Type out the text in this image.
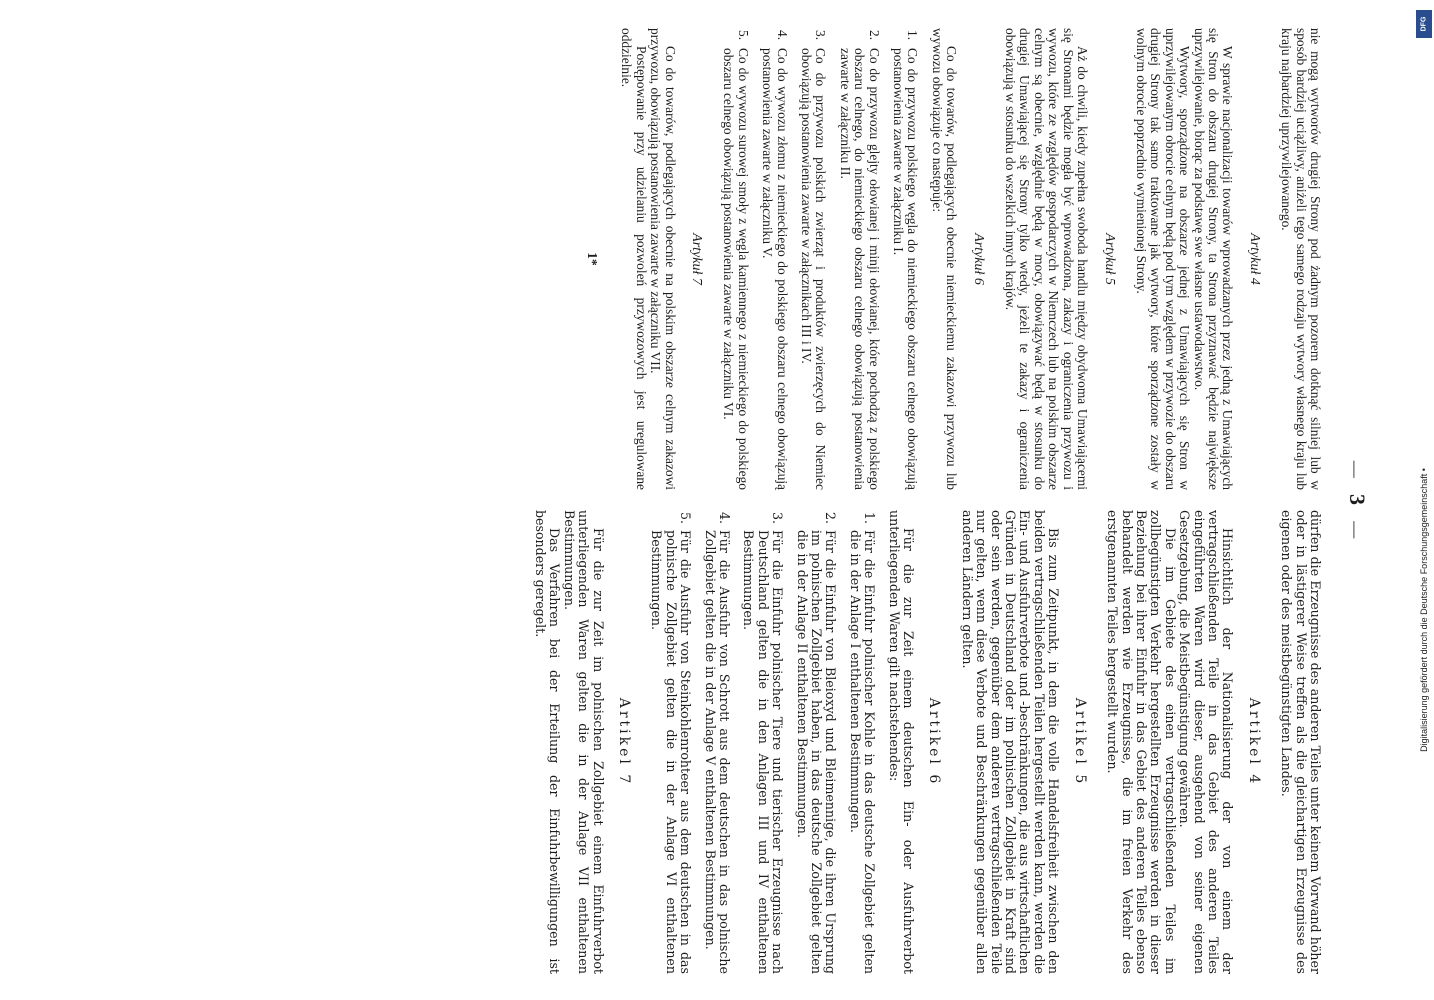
— 3 —

nie mogą wytworów drugiej Strony pod żadnym pozorem dotknąć silniej lub w sposób bardziej uciążliwy, aniżeli tego samego rodzaju wytwory własnego kraju lub kraju najbardziej uprzywilejowanego.

Artykuł 4

W sprawie nacjonalizacji towarów wprowadzanych przez jedną z Umawiających się Stron do obszaru drugiej Strony, ta Strona przyznawać będzie największe uprzywilejowanie, biorąc za podstawę swe własne ustawodawstwo.

Wytwory, sporządzone na obszarze jednej z Umawiających się Stron w uprzywilejowanym obrocie celnym będą pod tym względem w przywozie do obszaru drugiej Strony tak samo traktowane jak wytwory, które sporządzone zostały w wolnym obrocie poprzednio wymienionej Strony.

Artykuł 5

Aż do chwili, kiedy zupełna swoboda handlu między obydwoma Umawiającemi się Stronami będzie mogła być wprowadzona, zakazy i ograniczenia przywozu i wywozu, które ze względów gospodarczych w Niemczech lub na polskim obszarze celnym są obecnie, względnie będą w mocy, obowiązywać będą w stosunku do drugiej Umawiającej się Strony tylko wtedy, jeżeli te zakazy i ograniczenia obowiązują w stosunku do wszelkich innych krajów.

Artykuł 6

Co do towarów, podlegających obecnie niemieckiemu zakazowi przywozu lub wywozu obowiązuje co następuje:

1.
Co do przywozu polskiego węgla do niemieckiego obszaru celnego obowiązują postanowienia zawarte w załączniku I.
2.
Co do przywozu glejty ołowianej i minji ołowianej, które pochodzą z polskiego obszaru celnego, do niemieckiego obszaru celnego obowiązują postanowienia zawarte w załączniku II.
3.
Co do przywozu polskich zwierząt i produktów zwierzęcych do Niemiec obowiązują postanowienia zawarte w załącznikach III i IV.
4.
Co do wywozu złomu z niemieckiego do polskiego obszaru celnego obowiązują postanowienia zawarte w załączniku V.
5.
Co do wywozu surowej smoły z węgla kamiennego z niemieckiego do polskiego obszaru celnego obowiązują postanowienia zawarte w załączniku VI.
Artykuł 7

Co do towarów, podlegających obecnie na polskim obszarze celnym zakazowi przywozu, obowiązują postanowienia zawarte w załączniku VII.

Postępowanie przy udzielaniu pozwoleń przywozowych jest uregulowane oddzielnie.

1*

dürfen die Erzeugnisse des anderen Teiles unter keinem Vorwand höher oder in lästigerer Weise treffen als die gleichartigen Erzeugnisse des eigenen oder des meistbegünstigten Landes.

Artikel 4

Hinsichtlich der Nationalisierung der von einem der vertragschließenden Teile in das Gebiet des anderen Teiles eingeführten Waren wird dieser, ausgehend von seiner eigenen Gesetzgebung, die Meistbegünstigung gewähren.

Die im Gebiete des einen vertragschließenden Teiles im zollbegünstigten Verkehr hergestellten Erzeugnisse werden in dieser Beziehung bei ihrer Einfuhr in das Gebiet des anderen Teiles ebenso behandelt werden wie Erzeugnisse, die im freien Verkehr des erstgenannten Teiles hergestellt wurden.

Artikel 5

Bis zum Zeitpunkt, in dem die volle Handelsfreiheit zwischen den beiden vertragschließenden Teilen hergestellt werden kann, werden die Ein- und Ausfuhrverbote und -beschränkungen, die aus wirtschaftlichen Gründen in Deutschland oder im polnischen Zollgebiet in Kraft sind oder sein werden, gegenüber dem anderen vertragschließenden Teile nur gelten, wenn diese Verbote und Beschränkungen gegenüber allen anderen Ländern gelten.

Artikel 6

Für die zur Zeit einem deutschen Ein- oder Ausfuhrverbot unterliegenden Waren gilt nachstehendes:

1.
Für die Einfuhr polnischer Kohle in das deutsche Zollgebiet gelten die in der Anlage I enthaltenen Bestimmungen.
2.
Für die Einfuhr von Bleioxyd und Bleimennige, die ihren Ursprung im polnischen Zollgebiet haben, in das deutsche Zollgebiet gelten die in der Anlage II enthaltenen Bestimmungen.
3.
Für die Einfuhr polnischer Tiere und tierischer Erzeugnisse nach Deutschland gelten die in den Anlagen III und IV enthaltenen Bestimmungen.
4.
Für die Ausfuhr von Schrott aus dem deutschen in das polnische Zollgebiet gelten die in der Anlage V enthaltenen Bestimmungen.
5.
Für die Ausfuhr von Steinkohlenrohteer aus dem deutschen in das polnische Zollgebiet gelten die in der Anlage VI enthaltenen Bestimmungen.
Artikel 7

Für die zur Zeit im polnischen Zollgebiet einem Einfuhrverbot unterliegenden Waren gelten die in der Anlage VII enthaltenen Bestimmungen.

Das Verfahren bei der Erteilung der Einfuhrbewilligungen ist besonders geregelt.

DFG
Digitalisierung gefördert durch die Deutsche Forschungsgemeinschaft •
